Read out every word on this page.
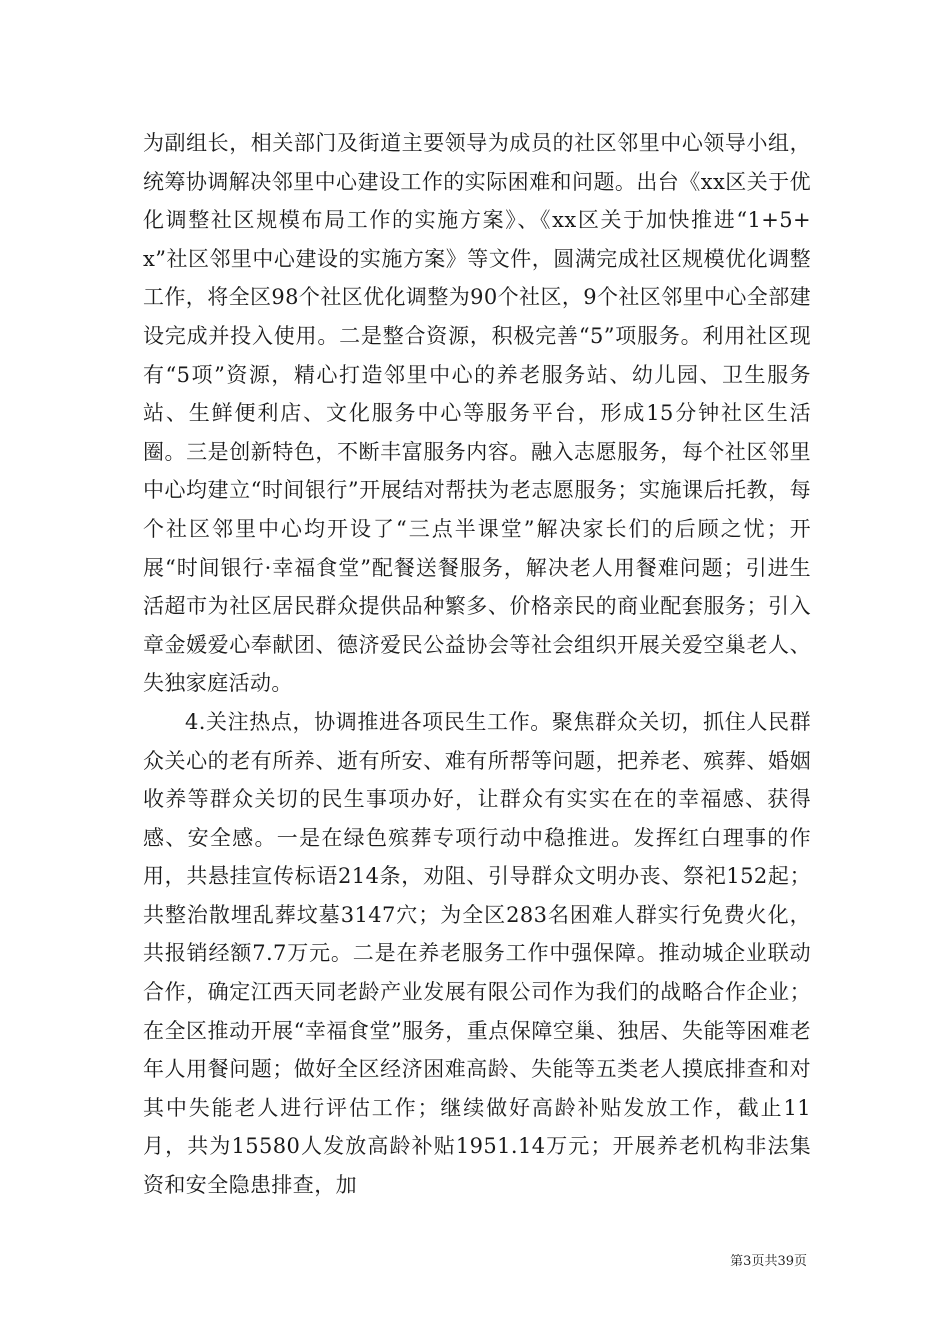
为副组长，相关部门及街道主要领导为成员的社区邻里中心领导小组，统筹协调解决邻里中心建设工作的实际困难和问题。出台《xx区关于优化调整社区规模布局工作的实施方案》、《xx区关于加快推进“1+5+x”社区邻里中心建设的实施方案》等文件，圆满完成社区规模优化调整工作，将全区98个社区优化调整为90个社区，9个社区邻里中心全部建设完成并投入使用。二是整合资源，积极完善“5”项服务。利用社区现有“5项”资源，精心打造邻里中心的养老服务站、幼儿园、卫生服务站、生鲜便利店、文化服务中心等服务平台，形成15分钟社区生活圈。三是创新特色，不断丰富服务内容。融入志愿服务，每个社区邻里中心均建立“时间银行”开展结对帮扶为老志愿服务；实施课后托教，每个社区邻里中心均开设了“三点半课堂”解决家长们的后顾之忧；开展“时间银行·幸福食堂”配餐送餐服务，解决老人用餐难问题；引进生活超市为社区居民群众提供品种繁多、价格亲民的商业配套服务；引入章金媛爱心奉献团、德济爱民公益协会等社会组织开展关爱空巢老人、失独家庭活动。

4.关注热点，协调推进各项民生工作。聚焦群众关切，抓住人民群众关心的老有所养、逝有所安、难有所帮等问题，把养老、殡葬、婚姻收养等群众关切的民生事项办好，让群众有实实在在的幸福感、获得感、安全感。一是在绿色殡葬专项行动中稳推进。发挥红白理事的作用，共悬挂宣传标语214条，劝阻、引导群众文明办丧、祭祀152起；共整治散埋乱葬坟墓3147穴；为全区283名困难人群实行免费火化，共报销经额7.7万元。二是在养老服务工作中强保障。推动城企业联动合作，确定江西天同老龄产业发展有限公司作为我们的战略合作企业；在全区推动开展“幸福食堂”服务，重点保障空巢、独居、失能等困难老年人用餐问题；做好全区经济困难高龄、失能等五类老人摸底排查和对其中失能老人进行评估工作；继续做好高龄补贴发放工作，截止11月，共为15580人发放高龄补贴1951.14万元；开展养老机构非法集资和安全隐患排查，加

第3页共39页
